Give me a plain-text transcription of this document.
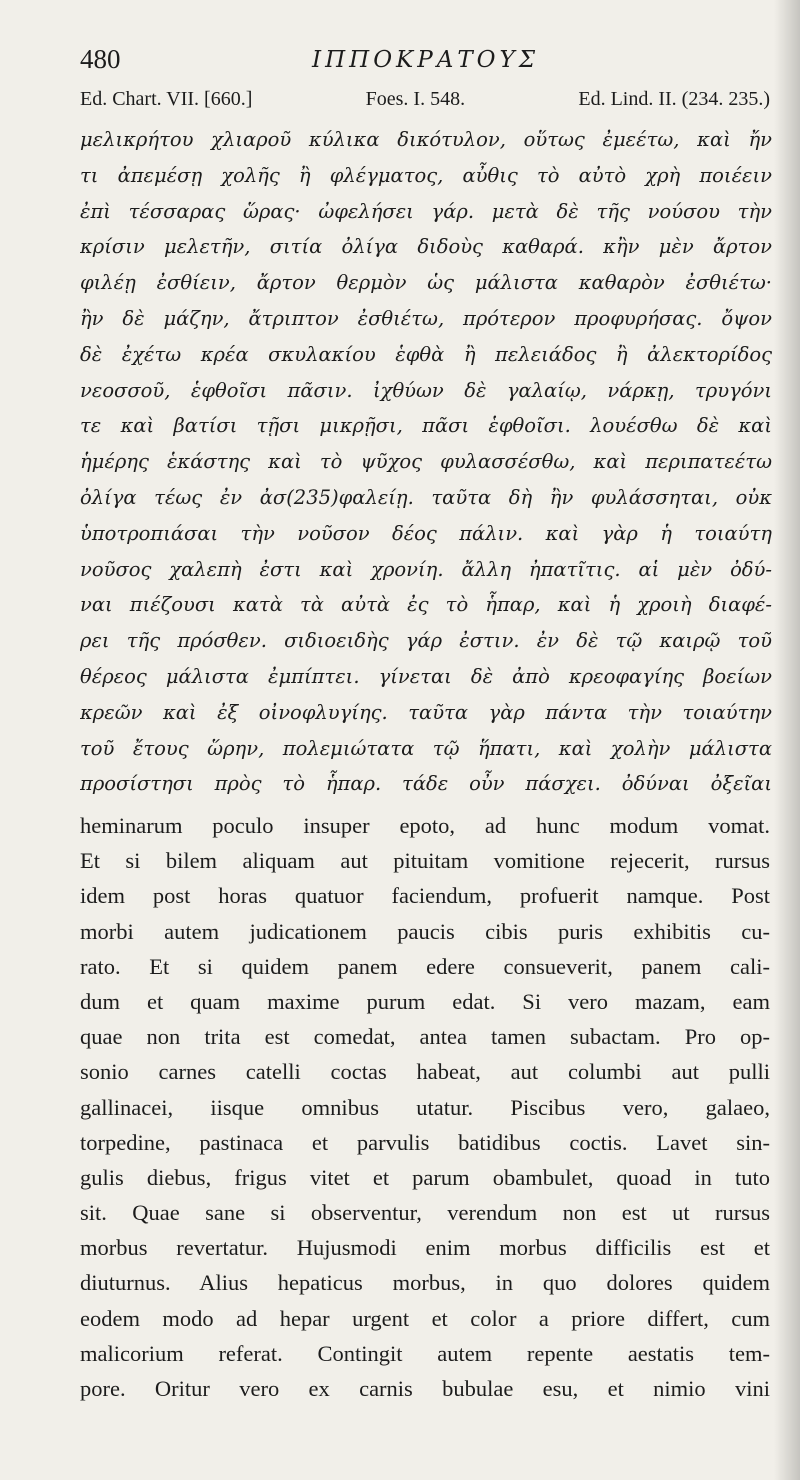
480	ΙΠΠΟΚΡΑΤΟΥΣ
Ed. Chart. VII. [660.]	Foes. I. 548.	Ed. Lind. II. (234. 235.)
μελικρήτου χλιαροῦ κύλικα δικότυλον, οὕτως ἐμεέτω, καὶ ἤν
τι ἀπεμέσῃ χολῆς ἢ φλέγματος, αὖθις τὸ αὐτὸ χρὴ ποιέειν
ἐπὶ τέσσαρας ὥρας· ὠφελήσει γάρ. μετὰ δὲ τῆς νούσου τὴν
κρίσιν μελετῆν, σιτία ὀλίγα διδοὺς καθαρά. κἢν μὲν ἄρτον
φιλέῃ ἐσθίειν, ἄρτον θερμὸν ὡς μάλιστα καθαρὸν ἐσθιέτω·
ἢν δὲ μάζην, ἄτριπτον ἐσθιέτω, πρότερον προφυρήσας. ὄψον
δὲ ἐχέτω κρέα σκυλακίου ἑφθὰ ἢ πελειάδος ἢ ἀλεκτορίδος
νεοσσοῦ, ἑφθοῖσι πᾶσιν. ἰχθύων δὲ γαλαίῳ, νάρκῃ, τρυγόνι
τε καὶ βατίσι τῇσι μικρῇσι, πᾶσι ἑφθοῖσι. λουέσθω δὲ καὶ
ἡμέρης ἑκάστης καὶ τὸ ψῦχος φυλασσέσθω, καὶ περιπατεέτω
ὀλίγα τέως ἐν ἀσ(235)φαλείῃ. ταῦτα δὴ ἢν φυλάσσηται, οὐκ
ὑποτροπιάσαι τὴν νοῦσον δέος πάλιν. καὶ γὰρ ἡ τοιαύτη
νοῦσος χαλεπὴ ἐστι καὶ χρονίη. ἄλλη ἠπατῖτις. αἱ μὲν ὀδύ-
ναι πιέζουσι κατὰ τὰ αὐτὰ ἐς τὸ ἧπαρ, καὶ ἡ χροιὴ διαφέ-
ρει τῆς πρόσθεν. σιδιοειδὴς γάρ ἐστιν. ἐν δὲ τῷ καιρῷ τοῦ
θέρεος μάλιστα ἐμπίπτει. γίνεται δὲ ἀπὸ κρεοφαγίης βοείων
κρεῶν καὶ ἐξ οἰνοφλυγίης. ταῦτα γὰρ πάντα τὴν τοιαύτην
τοῦ ἔτους ὥρην, πολεμιώτατα τῷ ἥπατι, καὶ χολὴν μάλιστα
προσίστησι πρὸς τὸ ἧπαρ. τάδε οὖν πάσχει. ὀδύναι ὀξεῖαι
heminarum poculo insuper epoto, ad hunc modum vomat.
Et si bilem aliquam aut pituitam vomitione rejecerit, rursus
idem post horas quatuor faciendum, profuerit namque. Post
morbi autem judicationem paucis cibis puris exhibitis cu-
rato. Et si quidem panem edere consueverit, panem cali-
dum et quam maxime purum edat. Si vero mazam, eam
quae non trita est comedat, antea tamen subactam. Pro op-
sonio carnes catelli coctas habeat, aut columbi aut pulli
gallinacei, iisque omnibus utatur. Piscibus vero, galaeo,
torpedine, pastinaca et parvulis batidibus coctis. Lavet sin-
gulis diebus, frigus vitet et parum obambulet, quoad in tuto
sit. Quae sane si observentur, verendum non est ut rursus
morbus revertatur. Hujusmodi enim morbus difficilis est et
diuturnus. Alius hepaticus morbus, in quo dolores quidem
eodem modo ad hepar urgent et color a priore differt, cum
malicorium referat. Contingit autem repente aestatis tem-
pore. Oritur vero ex carnis bubulae esu, et nimio vini
